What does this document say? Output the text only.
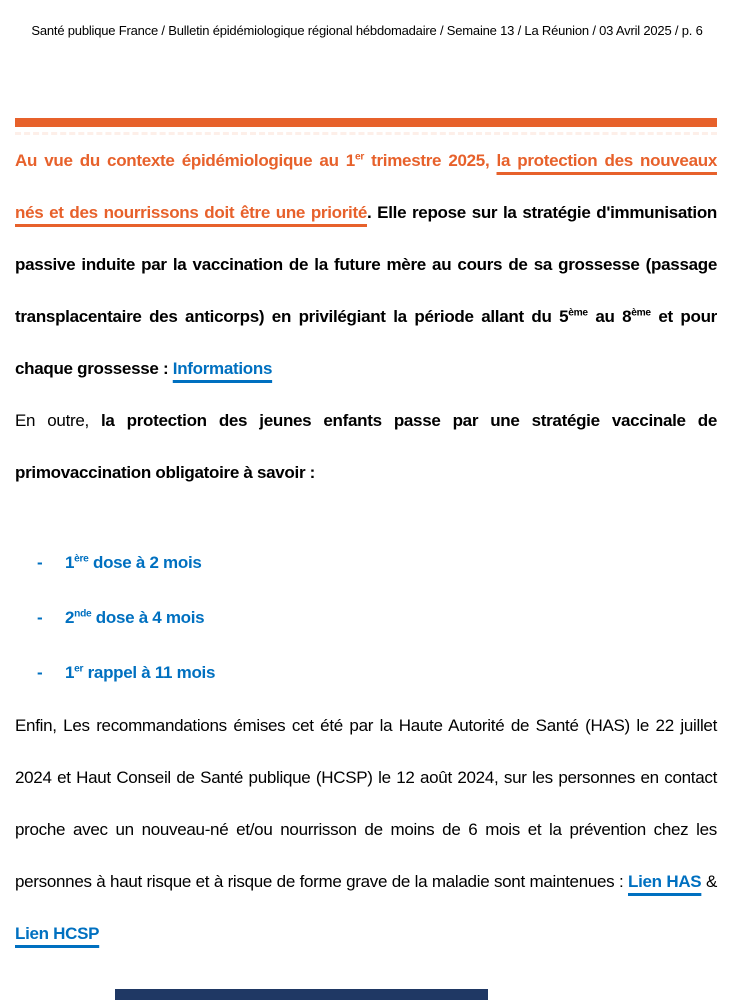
Santé publique France / Bulletin épidémiologique régional hébdomadaire / Semaine 13 / La Réunion / 03 Avril 2025 / p. 6

Au vue du contexte épidémiologique au 1er trimestre 2025, la protection des nouveaux nés et des nourrissons doit être une priorité. Elle repose sur la stratégie d'immunisation passive induite par la vaccination de la future mère au cours de sa grossesse (passage transplacentaire des anticorps) en privilégiant la période allant du 5ème au 8ème et pour chaque grossesse : Informations

En outre, la protection des jeunes enfants passe par une stratégie vaccinale de primovaccination obligatoire à savoir :

-	1ère dose à 2 mois
-	2nde dose à 4 mois
-	1er rappel à 11 mois

Enfin, Les recommandations émises cet été par la Haute Autorité de Santé (HAS) le 22 juillet 2024 et Haut Conseil de Santé publique (HCSP) le 12 août 2024, sur les personnes en contact proche avec un nouveau-né et/ou nourrisson de moins de 6 mois et la prévention chez les personnes à haut risque et à risque de forme grave de la maladie sont maintenues : Lien HAS & Lien HCSP
